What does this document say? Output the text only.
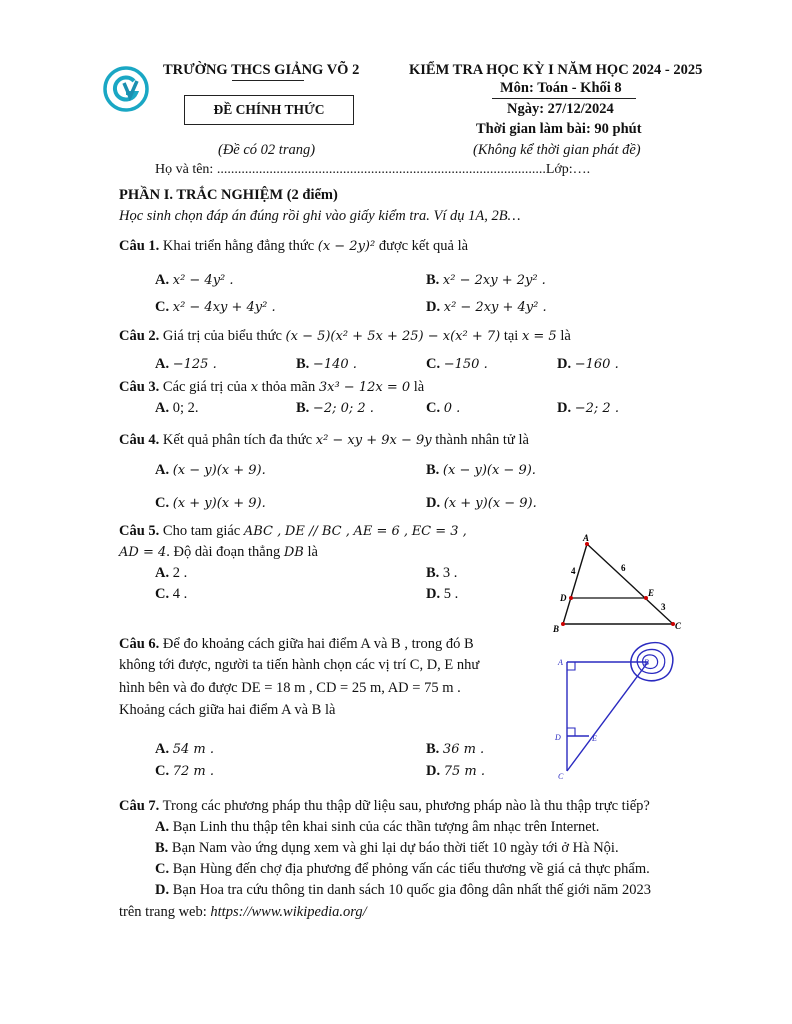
TRƯỜNG THCS GIẢNG VÕ 2	KIỂM TRA HỌC KỲ I NĂM HỌC 2024 - 2025
Môn: Toán - Khối 8
ĐỀ CHÍNH THỨC	Ngày: 27/12/2024
Thời gian làm bài: 90 phút
(Đề có 02 trang)	(Không kể thời gian phát đề)
Họ và tên: ..............................................................................................Lớp:….
PHẦN I. TRẮC NGHIỆM (2 điểm)
Học sinh chọn đáp án đúng rồi ghi vào giấy kiểm tra. Ví dụ 1A, 2B…
Câu 1. Khai triển hằng đẳng thức (x − 2y)² được kết quả là
A. x² − 4y² .	B. x² − 2xy + 2y² .
C. x² − 4xy + 4y² .	D. x² − 2xy + 4y² .
Câu 2. Giá trị của biểu thức (x − 5)(x² + 5x + 25) − x(x² + 7) tại x = 5 là
A. −125 .	B. −140 .	C. −150 .	D. −160 .
Câu 3. Các giá trị của x thỏa mãn 3x³ − 12x = 0 là
A. 0; 2.	B. −2; 0; 2 .	C. 0 .	D. −2; 2 .
Câu 4. Kết quả phân tích đa thức x² − xy + 9x − 9y thành nhân tử là
A. (x − y)(x + 9).	B. (x − y)(x − 9).
C. (x + y)(x + 9).	D. (x + y)(x − 9).
Câu 5. Cho tam giác ABC , DE // BC , AE = 6 , EC = 3 ,
AD = 4. Độ dài đoạn thẳng DB là
A. 2 .	B. 3 .
C. 4 .	D. 5 .
A
B	C
D	E
4	6
3
Câu 6. Để đo khoảng cách giữa hai điểm A và B , trong đó B
không tới được, người ta tiến hành chọn các vị trí C, D, E như
hình bên và đo được DE = 18 m , CD = 25 m, AD = 75 m .
Khoảng cách giữa hai điểm A và B là
A. 54 m .	B. 36 m .
C. 72 m .	D. 75 m .
A	B
D	E
C
Câu 7. Trong các phương pháp thu thập dữ liệu sau, phương pháp nào là thu thập trực tiếp?
A. Bạn Linh thu thập tên khai sinh của các thần tượng âm nhạc trên Internet.
B. Bạn Nam vào ứng dụng xem và ghi lại dự báo thời tiết 10 ngày tới ở Hà Nội.
C. Bạn Hùng đến chợ địa phương để phỏng vấn các tiểu thương về giá cả thực phẩm.
D. Bạn Hoa tra cứu thông tin danh sách 10 quốc gia đông dân nhất thế giới năm 2023
trên trang web: https://www.wikipedia.org/
